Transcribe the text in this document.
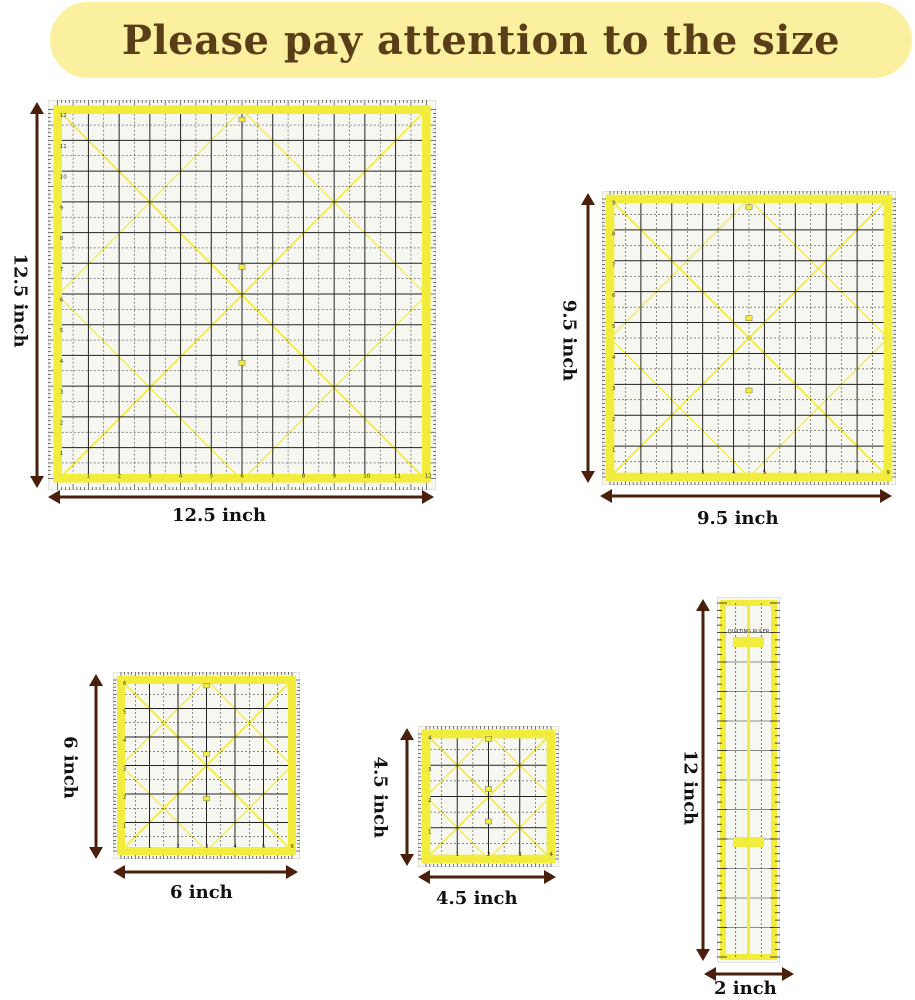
Please pay attention to the size
1
1
2
2
3
3
4
4
5
5
6
6
7
7
8
8
9
9
10
10
11
11
12
12
12.5 inch
12.5 inch
1
1
2
2
3
3
4
4
5
5
6
6
7
7
8
8
9
9
9.5 inch
9.5 inch
1
1
2
2
3
3
4
4
5
5
6
6
6 inch
6 inch
1
1
2
2
3
3
4
4
4.5 inch
4.5 inch
QUILTING RULER
12 inch
2 inch
